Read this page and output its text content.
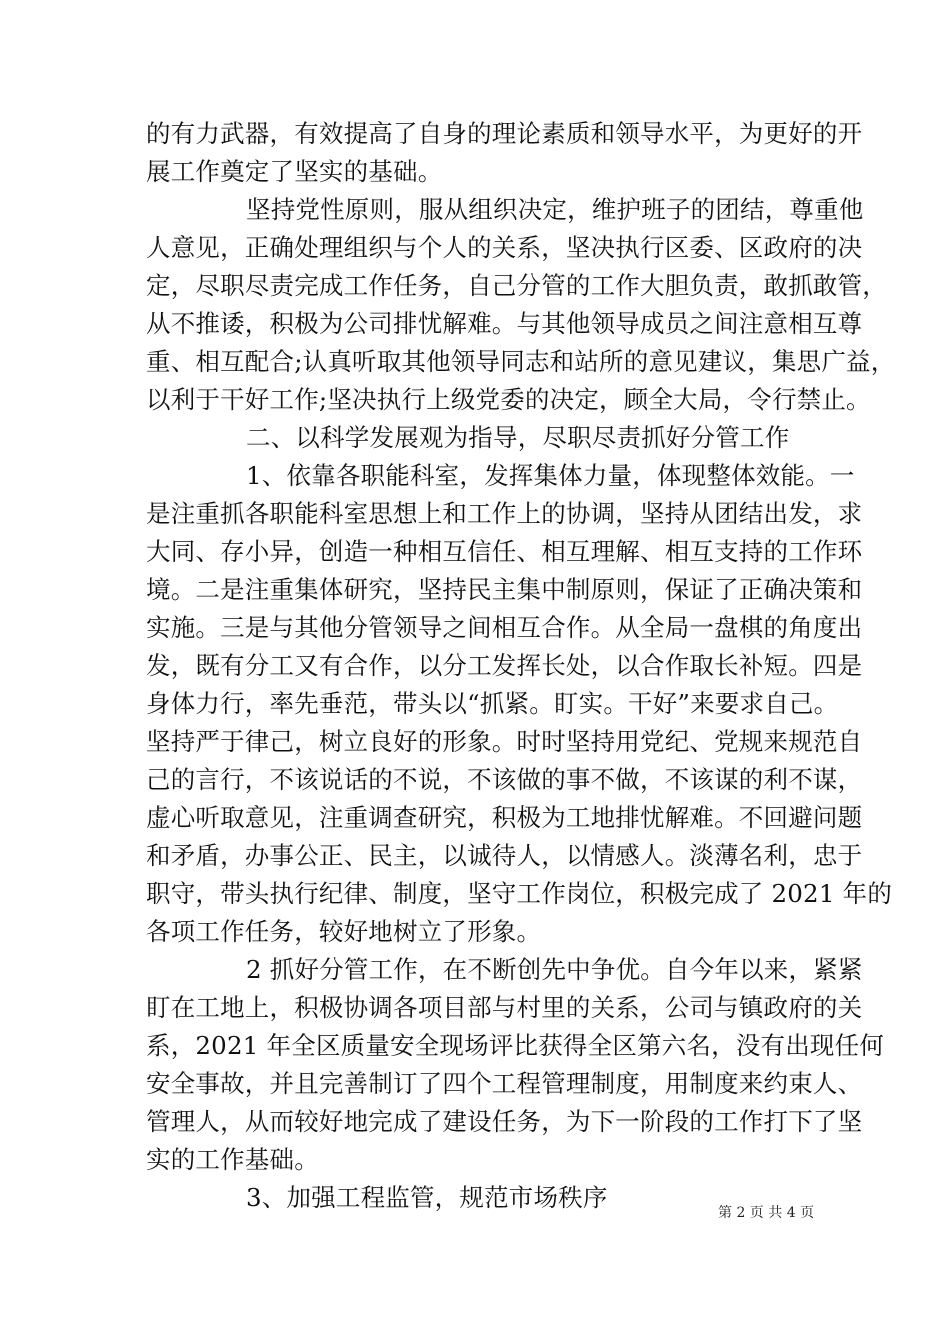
的有力武器，有效提高了自身的理论素质和领导水平，为更好的开
展工作奠定了坚实的基础。
坚持党性原则，服从组织决定，维护班子的团结，尊重他
人意见，正确处理组织与个人的关系，坚决执行区委、区政府的决
定，尽职尽责完成工作任务，自己分管的工作大胆负责，敢抓敢管，
从不推诿，积极为公司排忧解难。与其他领导成员之间注意相互尊
重、相互配合;认真听取其他领导同志和站所的意见建议，集思广益，
以利于干好工作;坚决执行上级党委的决定，顾全大局，令行禁止。
二、以科学发展观为指导，尽职尽责抓好分管工作
1、依靠各职能科室，发挥集体力量，体现整体效能。一
是注重抓各职能科室思想上和工作上的协调，坚持从团结出发，求
大同、存小异，创造一种相互信任、相互理解、相互支持的工作环
境。二是注重集体研究，坚持民主集中制原则，保证了正确决策和
实施。三是与其他分管领导之间相互合作。从全局一盘棋的角度出
发，既有分工又有合作，以分工发挥长处，以合作取长补短。四是
身体力行，率先垂范，带头以“抓紧。盯实。干好”来要求自己。
坚持严于律己，树立良好的形象。时时坚持用党纪、党规来规范自
己的言行，不该说话的不说，不该做的事不做，不该谋的利不谋，
虚心听取意见，注重调查研究，积极为工地排忧解难。不回避问题
和矛盾，办事公正、民主，以诚待人，以情感人。淡薄名利，忠于
职守，带头执行纪律、制度，坚守工作岗位，积极完成了 2021 年的
各项工作任务，较好地树立了形象。
2 抓好分管工作，在不断创先中争优。自今年以来，紧紧
盯在工地上，积极协调各项目部与村里的关系，公司与镇政府的关
系，2021 年全区质量安全现场评比获得全区第六名，没有出现任何
安全事故，并且完善制订了四个工程管理制度，用制度来约束人、
管理人，从而较好地完成了建设任务，为下一阶段的工作打下了坚
实的工作基础。
3、加强工程监管，规范市场秩序
第 2 页 共 4 页
